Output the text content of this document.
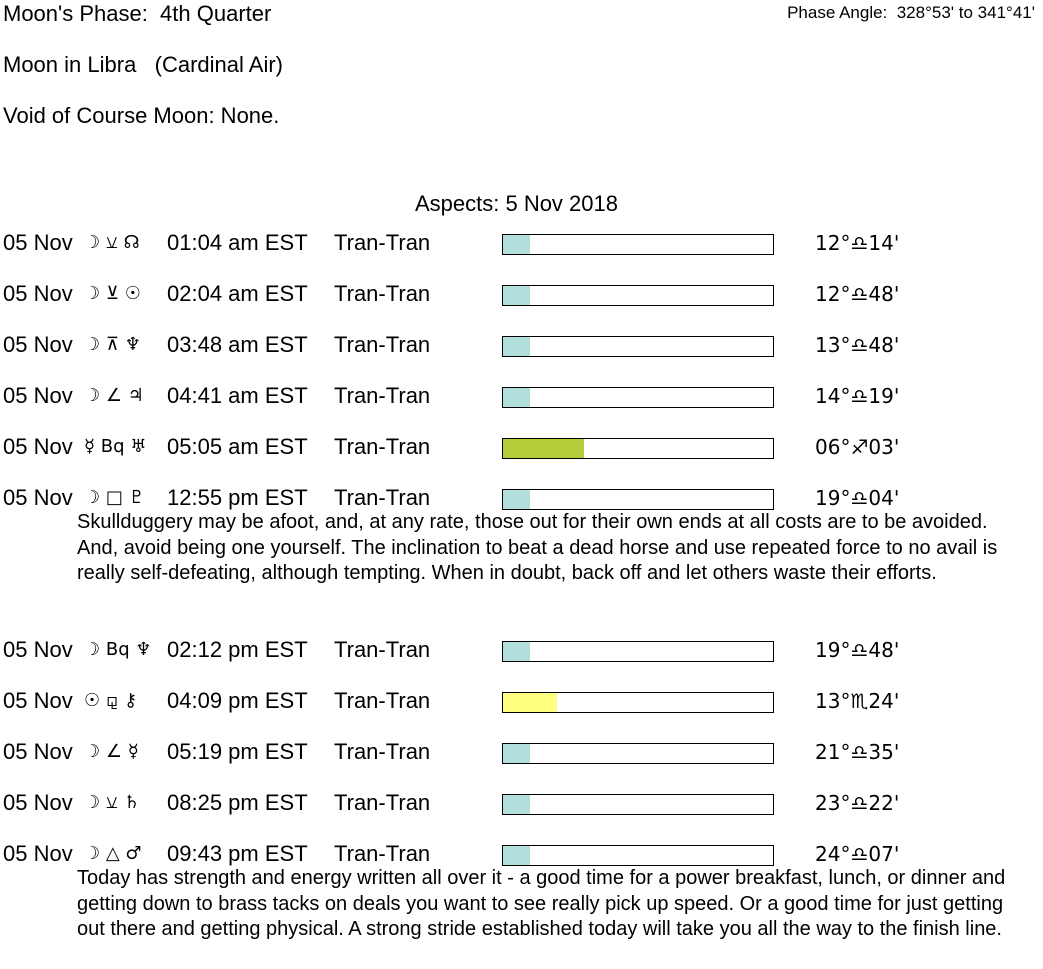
Moon's Phase:  4th Quarter	Phase Angle:  328°53' to 341°41'
Moon in Libra   (Cardinal Air)
Void of Course Moon: None.
Aspects: 5 Nov 2018
05 Nov ☽ ⚺ ☊	01:04 am EST Tran-Tran	12°♎14'
05 Nov ☽ ⊻ ☉	02:04 am EST Tran-Tran	12°♎48'
05 Nov ☽ ⊼ ♆	03:48 am EST Tran-Tran	13°♎48'
05 Nov ☽ ∠ ♃	04:41 am EST Tran-Tran	14°♎19'
05 Nov ☿ Bq ♅ 05:05 am EST Tran-Tran	06°♐03'
05 Nov ☽ □ ♇	12:55 pm EST Tran-Tran	19°♎04'
Skullduggery may be afoot, and, at any rate, those out for their own ends at all costs are to be avoided. And, avoid being one yourself. The inclination to beat a dead horse and use repeated force to no avail is really self-defeating, although tempting. When in doubt, back off and let others waste their efforts.
05 Nov ☽ Bq ♆ 02:12 pm EST Tran-Tran	19°♎48'
05 Nov ☉ ⚼ ⚷	04:09 pm EST Tran-Tran	13°♏24'
05 Nov ☽ ∠ ☿	05:19 pm EST Tran-Tran	21°♎35'
05 Nov ☽ ⚺ ♄	08:25 pm EST Tran-Tran	23°♎22'
05 Nov ☽ △ ♂	09:43 pm EST Tran-Tran	24°♎07'
Today has strength and energy written all over it - a good time for a power breakfast, lunch, or dinner and getting down to brass tacks on deals you want to see really pick up speed. Or a good time for just getting out there and getting physical. A strong stride established today will take you all the way to the finish line.
